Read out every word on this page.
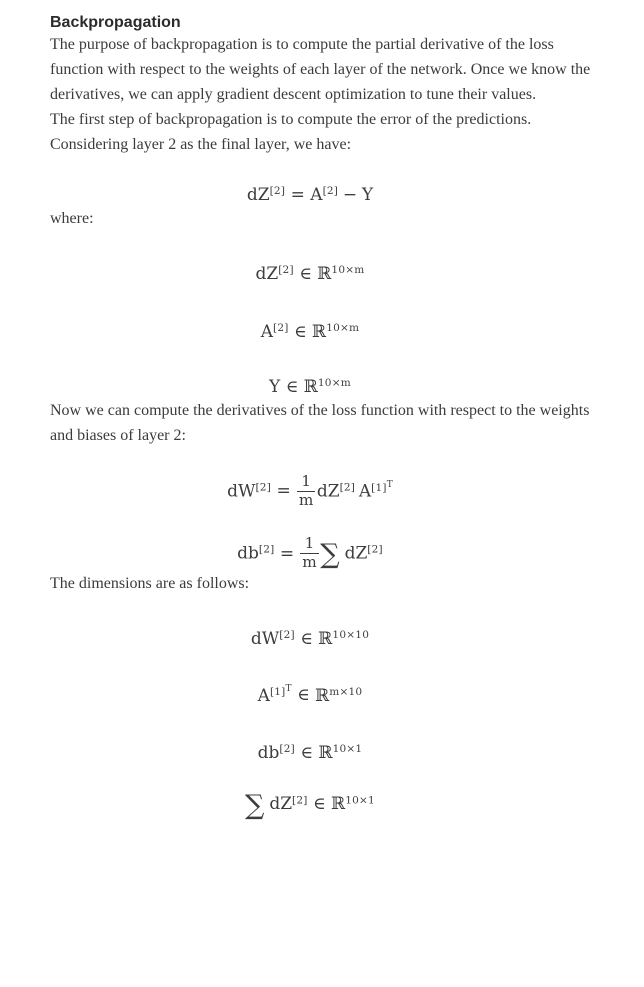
Backpropagation

The purpose of backpropagation is to compute the partial derivative of the loss function with respect to the weights of each layer of the network. Once we know the derivatives, we can apply gradient descent optimization to tune their values.

The first step of backpropagation is to compute the error of the predictions. Considering layer 2 as the final layer, we have:

dZ[2] = A[2] − Y

where:

dZ[2] ∈ ℝ$^{10\times m}$
A[2] ∈ ℝ$^{10\times m}$
Y ∈ ℝ$^{10\times m}$

Now we can compute the derivatives of the loss function with respect to the weights and biases of layer 2:

$dW[2] = \frac{1}{m} dZ[2]$ $A^{[1]^T}$
$db[2] = \frac{1}{m}$ ∑ dZ[2]

The dimensions are as follows:

dW[2] ∈ ℝ$^{10\times 10}$
$A^{[1]^T}$ ∈ ℝ$^{m\times 10}$
db[2] ∈ ℝ$^{10\times 1}$
∑ dZ[2] ∈ ℝ$^{10\times 1}$
